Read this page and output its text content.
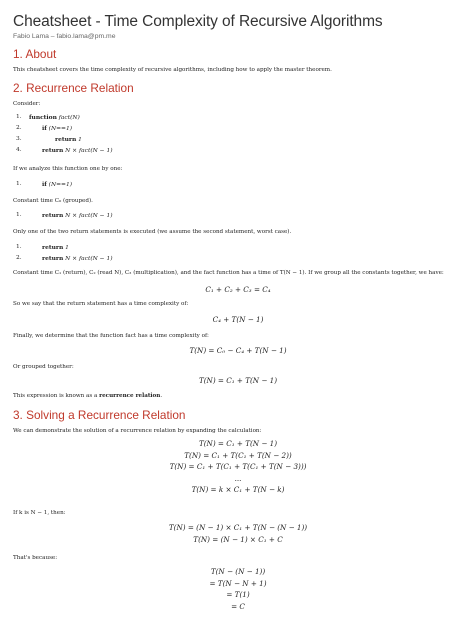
Cheatsheet - Time Complexity of Recursive Algorithms
Fabio Lama – fabio.lama@pm.me
1. About
This cheatsheet covers the time complexity of recursive algorithms, including how to apply the master theorem.
2. Recurrence Relation
Consider:
1.	function fact(N)
2.	if (N==1)
3.	return 1
4.	return N × fact(N − 1)
If we analyze this function one by one:
1.	if (N==1)
Constant time C₀ (grouped).
1.	return N × fact(N − 1)
Only one of the two return statements is executed (we assume the second statement, worst case).
1.	return 1
2.	return N × fact(N − 1)
Constant time C₁ (return), C₂ (read N), C₃ (multiplication), and the fact function has a time of T(N − 1). If we group all the constants together, we have:
C₁ + C₂ + C₃ = C₄
So we say that the return statement has a time complexity of:
C₄ + T(N − 1)
Finally, we determine that the function fact has a time complexity of:
T(N) = C₀ − C₄ + T(N − 1)
Or grouped together:
T(N) = C₁ + T(N − 1)
This expression is known as a recurrence relation.
3. Solving a Recurrence Relation
We can demonstrate the solution of a recurrence relation by expanding the calculation:
T(N) = C₁ + T(N − 1)
T(N) = C₁ + T(C₁ + T(N − 2))
T(N) = C₁ + T(C₁ + T(C₁ + T(N − 3)))
...
T(N) = k × C₁ + T(N − k)
If k is N − 1, then:
T(N) = (N − 1) × C₁ + T(N − (N − 1))
T(N) = (N − 1) × C₁ + C
That's because:
T(N − (N − 1))
= T(N − N + 1)
= T(1)
= C
